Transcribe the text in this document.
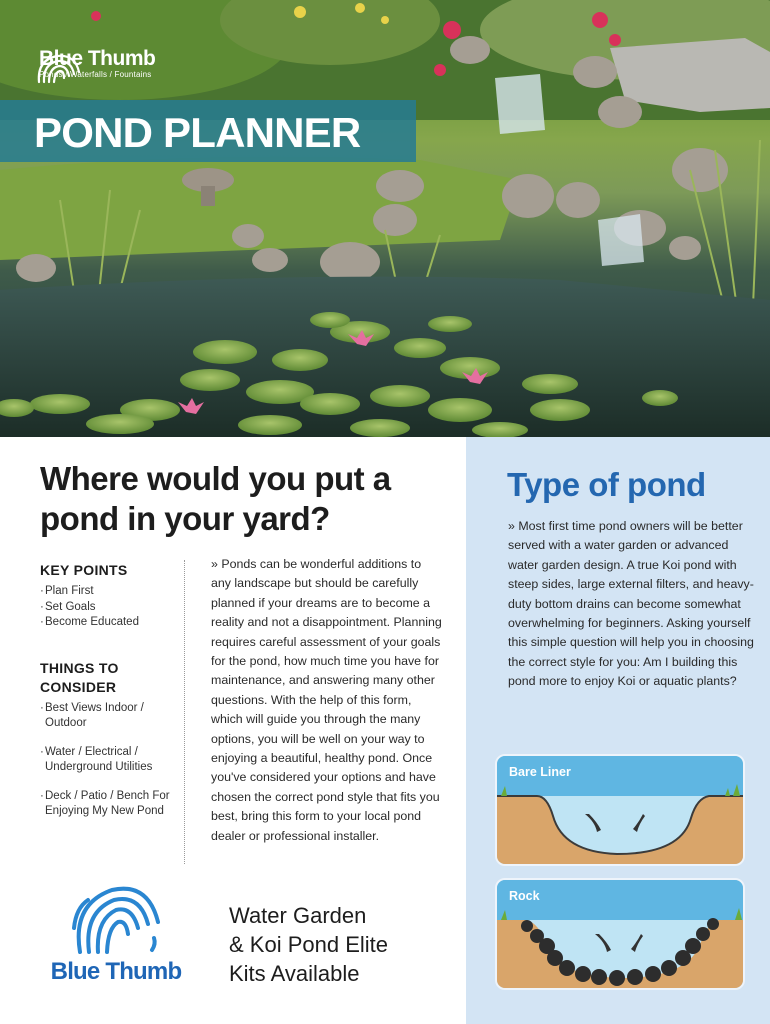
Blue Thumb
Ponds / Waterfalls / Fountains
POND PLANNER
Where would you put a pond in your yard?
KEY POINTS
· Plan First
· Set Goals
· Become Educated
THINGS TO CONSIDER
· Best Views Indoor / Outdoor
· Water / Electrical / Underground Utilities
· Deck / Patio / Bench For Enjoying My New Pond

» Ponds can be wonderful additions to any landscape but should be carefully planned if your dreams are to become a reality and not a disappointment. Planning requires careful assessment of your goals for the pond, how much time you have for maintenance, and answering many other questions. With the help of this form, which will guide you through the many options, you will be well on your way to enjoying a beautiful, healthy pond. Once you've considered your options and have chosen the correct pond style that fits you best, bring this form to your local pond dealer or professional installer.

Blue Thumb
Water Garden
& Koi Pond Elite
Kits Available
Type of pond

» Most first time pond owners will be better served with a water garden or advanced water garden design. A true Koi pond with steep sides, large external filters, and heavy-duty bottom drains can become somewhat overwhelming for beginners. Asking yourself this simple question will help you in choosing the correct style for you: Am I building this pond more to enjoy Koi or aquatic plants?

Bare Liner
Rock
